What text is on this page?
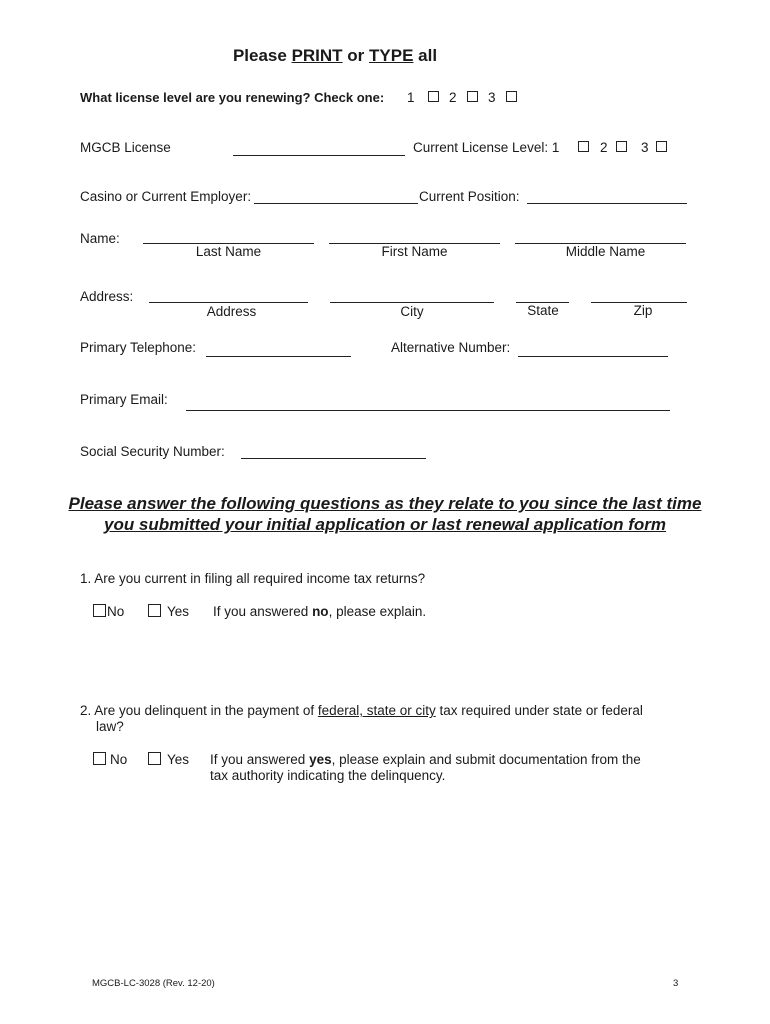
Please PRINT or TYPE all
What license level are you renewing? Check one: 1	2 3
MGCB License	Current License Level: 1	2 3
Casino or Current Employer:	Current Position:
Name:
Last Name	First Name	Middle Name
Address:
Address	City	State	Zip
Primary Telephone:	Alternative Number:
Primary Email:
Social Security Number:
Please answer the following questions as they relate to you since the last time you submitted your initial application or last renewal application form
1. Are you current in filing all required income tax returns?
No	Yes If you answered no, please explain.
2. Are you delinquent in the payment of federal, state or city tax required under state or federal
law?
No	Yes If you answered yes, please explain and submit documentation from the
tax authority indicating the delinquency.
MGCB-LC-3028 (Rev. 12-20)	3
